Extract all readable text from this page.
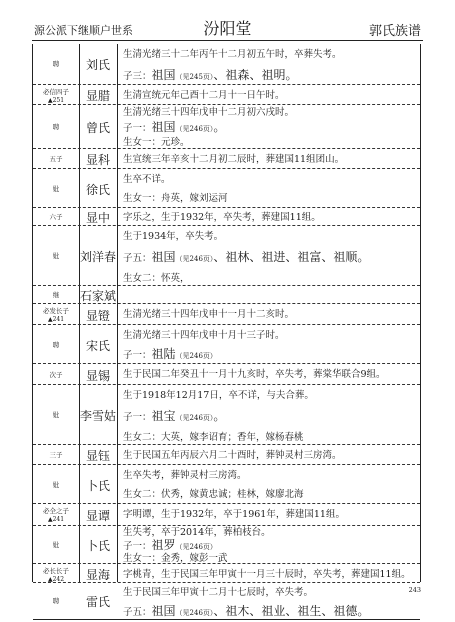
源公派下继顺户世系	汾阳堂	郭氏族谱
聘	刘氏
生清光绪三十二年丙午十二月初五午时，卒葬失考。
子三：祖国（见245页）、祖森、祖明。
必信四子
▲251	显腊	生清宣统元年己酉十二月十一日午时。
聘	曾氏
生清光绪三十四年戊申十二月初六戌时。
子一：祖国（见246页）。
生女一：元珍。
五子	显科	生宣统三年辛亥十二月初二辰时，葬建国11组团山。
妣	徐氏
生卒不详。
生女一：舟英，嫁刘运河
六子	显中	字乐之，生于1932年，卒失考，葬建国11组。
妣	刘洋春
生于1934年，卒失考。
子五：祖国（见246页）、祖林、祖进、祖富、祖顺。
生女二：怀英，
继	石家斌
必发长子
▲241	显镫	生清光绪三十四年戊申十一月十二亥时。
聘	宋氏
生清光绪三十四年戊申十月十三子时。
子一：祖陆（见246页）
次子	显锡	生于民国二年癸丑十一月十九亥时，卒失考，葬棠华联合9组。
妣	李雪姑
生于1918年12月17日，卒不详，与夫合葬。
子一：祖宝（见246页）。
生女二：大英，嫁李诏育；香年，嫁杨春桃
三子	显钰	生于民国五年丙辰六月二十酉时，葬钟灵村三房湾。
妣	卜氏
生卒失考，葬钟灵村三房湾。
生女二：伏秀，嫁黄忠诚；桂林，嫁廖北海
必全之子
▲241	显谭	字明谭，生于1932年，卒于1961年，葬建国11组。
妣	卜氏
生失考，卒于2014年，葬柏枝台。
子一：祖罗（见246页）
生女一：金秀，嫁彭一武
必长长子
▲242	显海	字桃青，生于民国三年甲寅十一月三十辰时，卒失考，葬建国11组。
聘	雷氏
生于民国三年甲寅十二月十七辰时，卒失考。
子五：祖国（见246页）、祖木、祖业、祖生、祖德。
243
